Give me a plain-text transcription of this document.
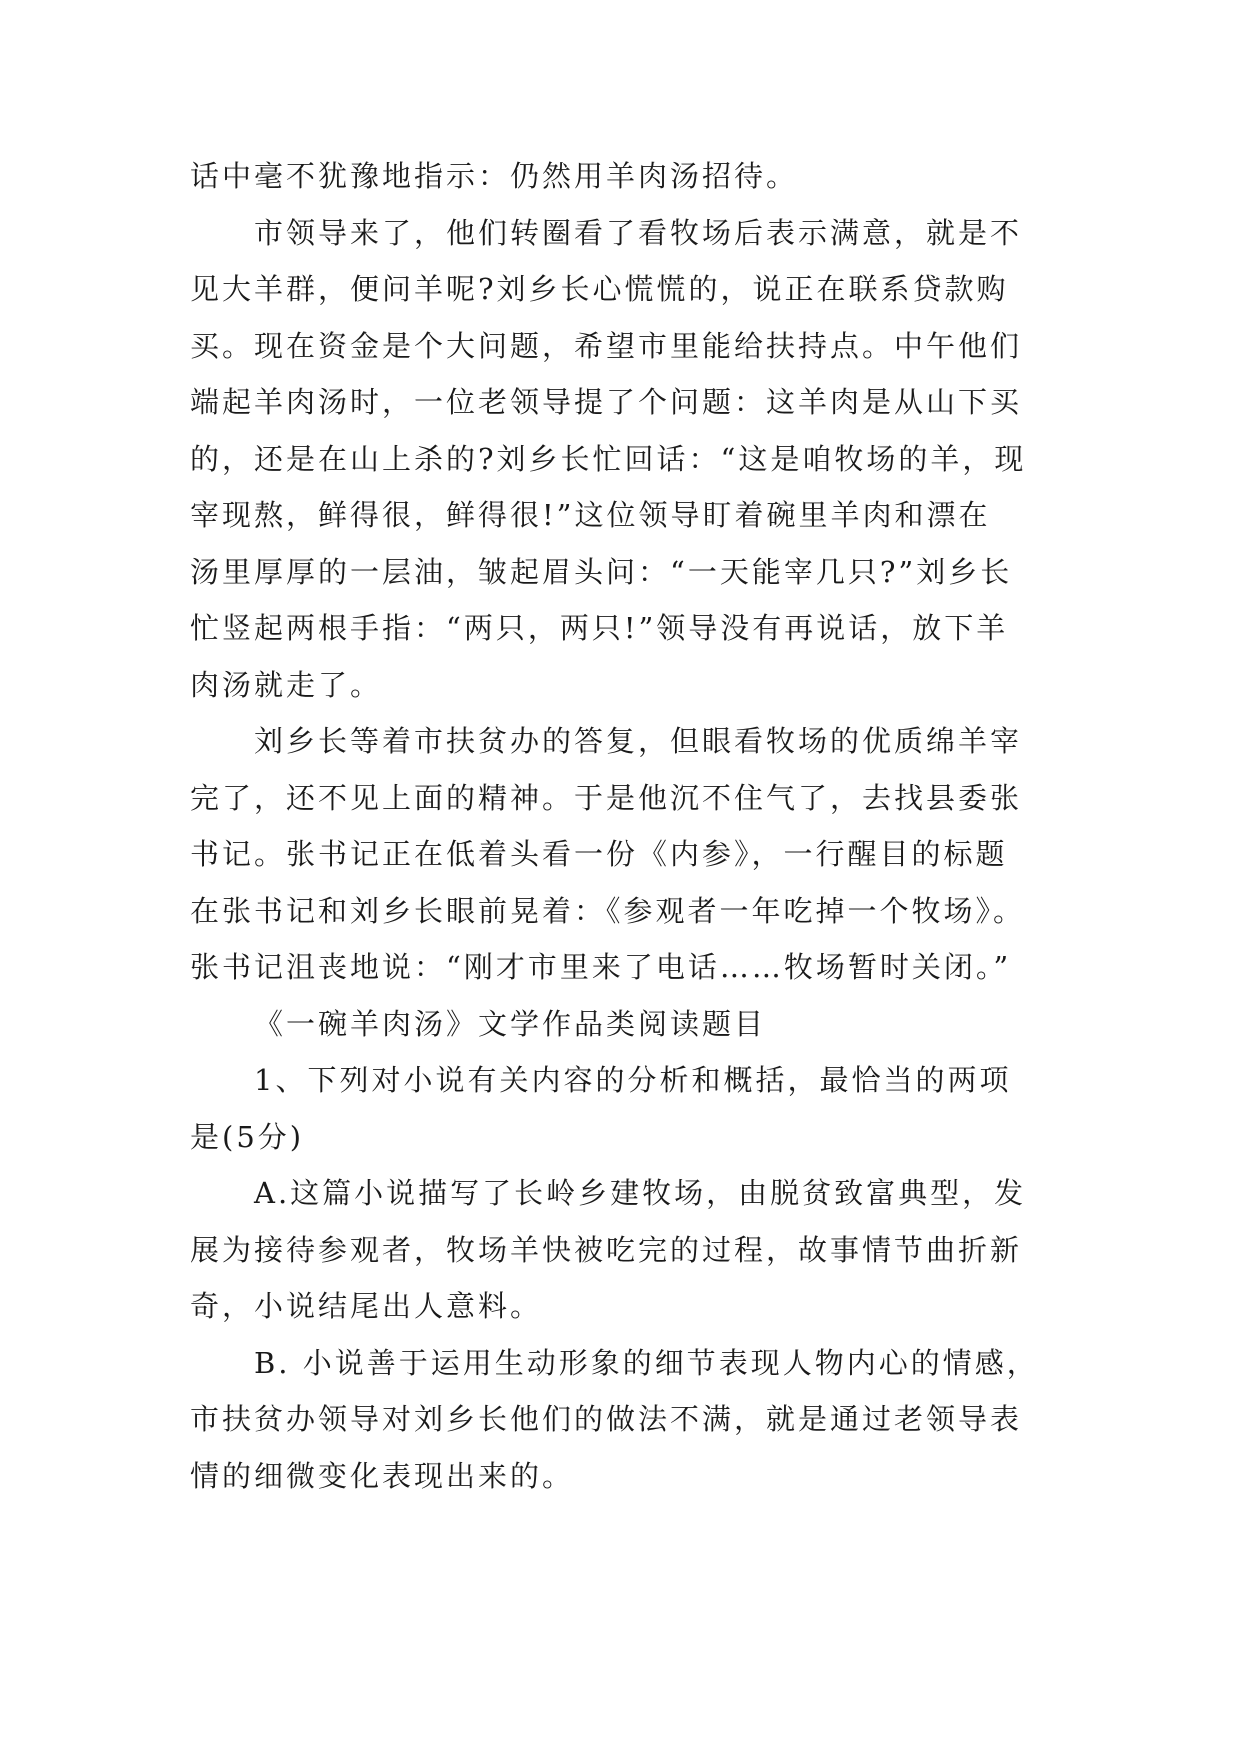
话中毫不犹豫地指示：仍然用羊肉汤招待。
市领导来了，他们转圈看了看牧场后表示满意，就是不
见大羊群，便问羊呢?刘乡长心慌慌的，说正在联系贷款购
买。现在资金是个大问题，希望市里能给扶持点。中午他们
端起羊肉汤时，一位老领导提了个问题：这羊肉是从山下买
的，还是在山上杀的?刘乡长忙回话：“这是咱牧场的羊，现
宰现熬，鲜得很，鲜得很!”这位领导盯着碗里羊肉和漂在
汤里厚厚的一层油，皱起眉头问：“一天能宰几只?”刘乡长
忙竖起两根手指：“两只，两只!”领导没有再说话，放下羊
肉汤就走了。
刘乡长等着市扶贫办的答复，但眼看牧场的优质绵羊宰
完了，还不见上面的精神。于是他沉不住气了，去找县委张
书记。张书记正在低着头看一份《内参》，一行醒目的标题
在张书记和刘乡长眼前晃着：《参观者一年吃掉一个牧场》。
张书记沮丧地说：“刚才市里来了电话……牧场暂时关闭。”
《一碗羊肉汤》文学作品类阅读题目
1、下列对小说有关内容的分析和概括，最恰当的两项
是(5分)
A.这篇小说描写了长岭乡建牧场，由脱贫致富典型，发
展为接待参观者，牧场羊快被吃完的过程，故事情节曲折新
奇，小说结尾出人意料。
B. 小说善于运用生动形象的细节表现人物内心的情感，
市扶贫办领导对刘乡长他们的做法不满，就是通过老领导表
情的细微变化表现出来的。
